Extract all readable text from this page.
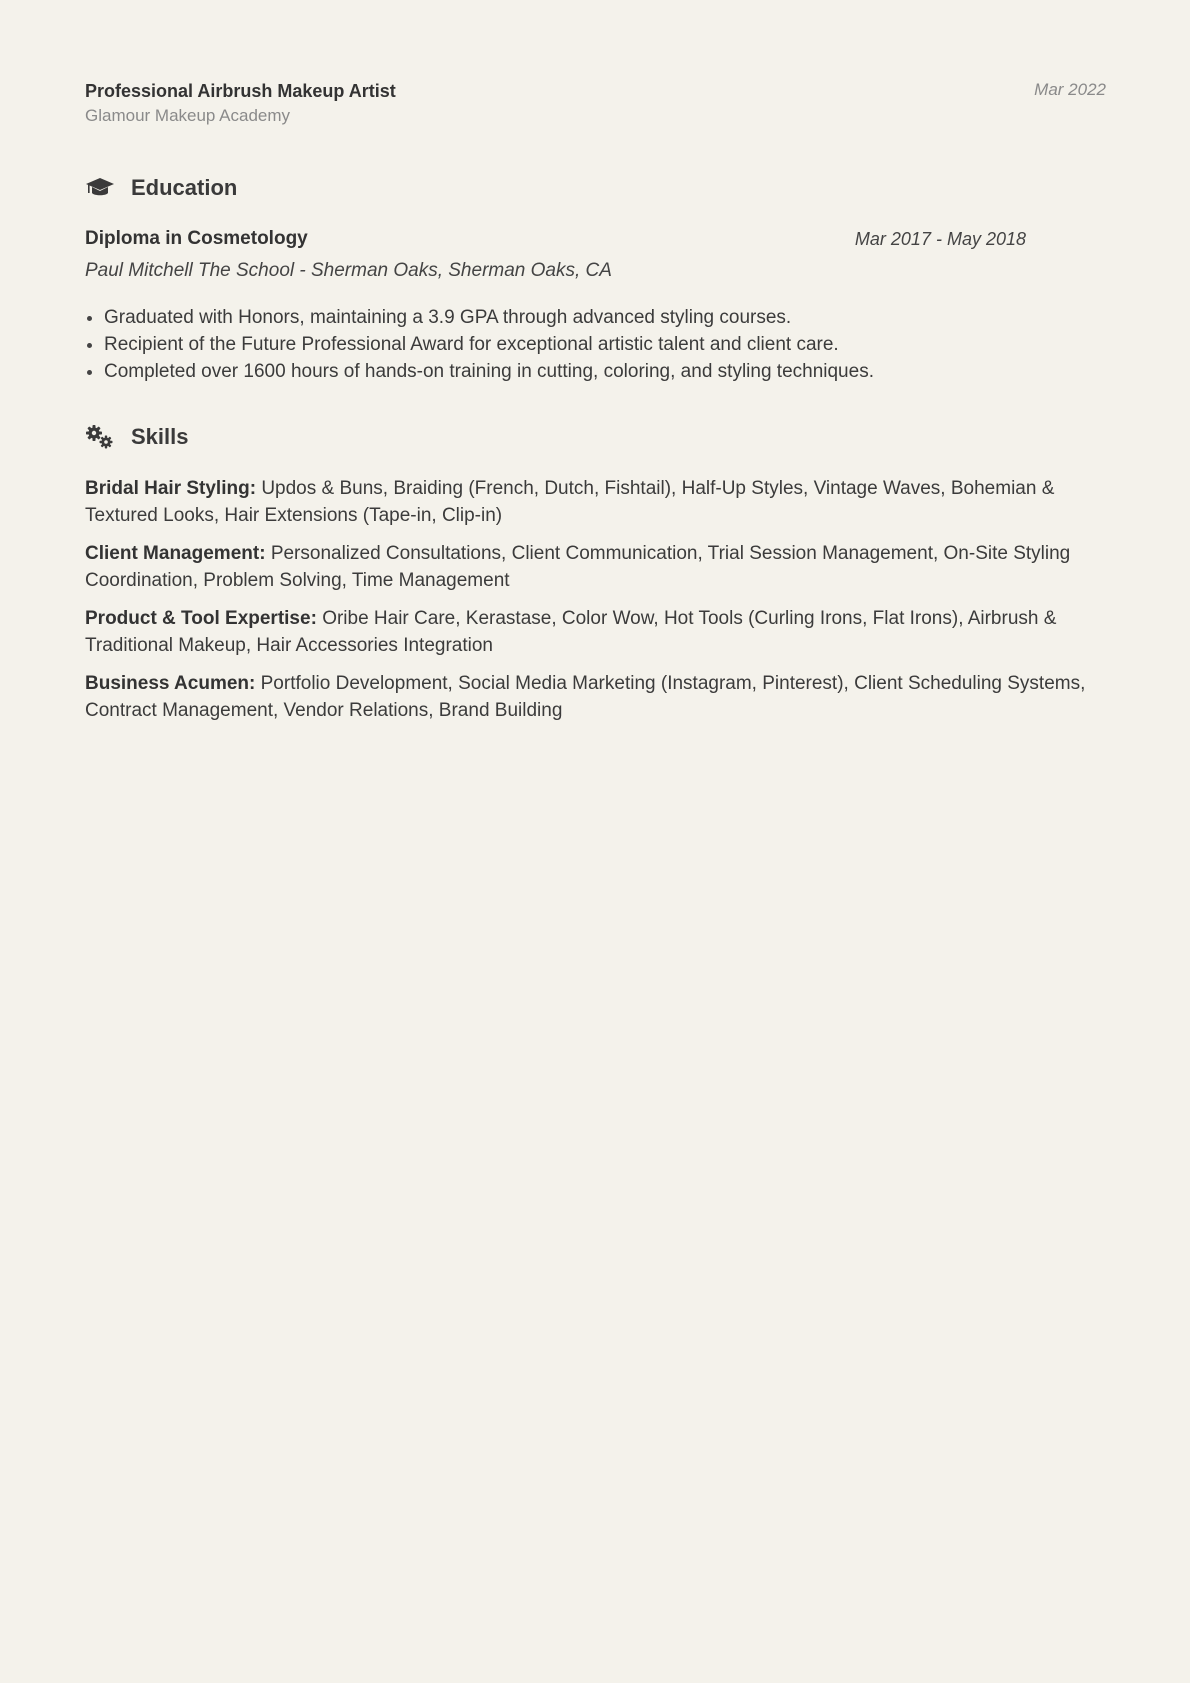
Professional Airbrush Makeup Artist
Glamour Makeup Academy
Mar 2022
Education
Diploma in Cosmetology	Mar 2017 - May 2018
Paul Mitchell The School - Sherman Oaks, Sherman Oaks, CA
Graduated with Honors, maintaining a 3.9 GPA through advanced styling courses.
Recipient of the Future Professional Award for exceptional artistic talent and client care.
Completed over 1600 hours of hands-on training in cutting, coloring, and styling techniques.
Skills
Bridal Hair Styling: Updos & Buns, Braiding (French, Dutch, Fishtail), Half-Up Styles, Vintage Waves, Bohemian & Textured Looks, Hair Extensions (Tape-in, Clip-in)
Client Management: Personalized Consultations, Client Communication, Trial Session Management, On-Site Styling Coordination, Problem Solving, Time Management
Product & Tool Expertise: Oribe Hair Care, Kerastase, Color Wow, Hot Tools (Curling Irons, Flat Irons), Airbrush & Traditional Makeup, Hair Accessories Integration
Business Acumen: Portfolio Development, Social Media Marketing (Instagram, Pinterest), Client Scheduling Systems, Contract Management, Vendor Relations, Brand Building
